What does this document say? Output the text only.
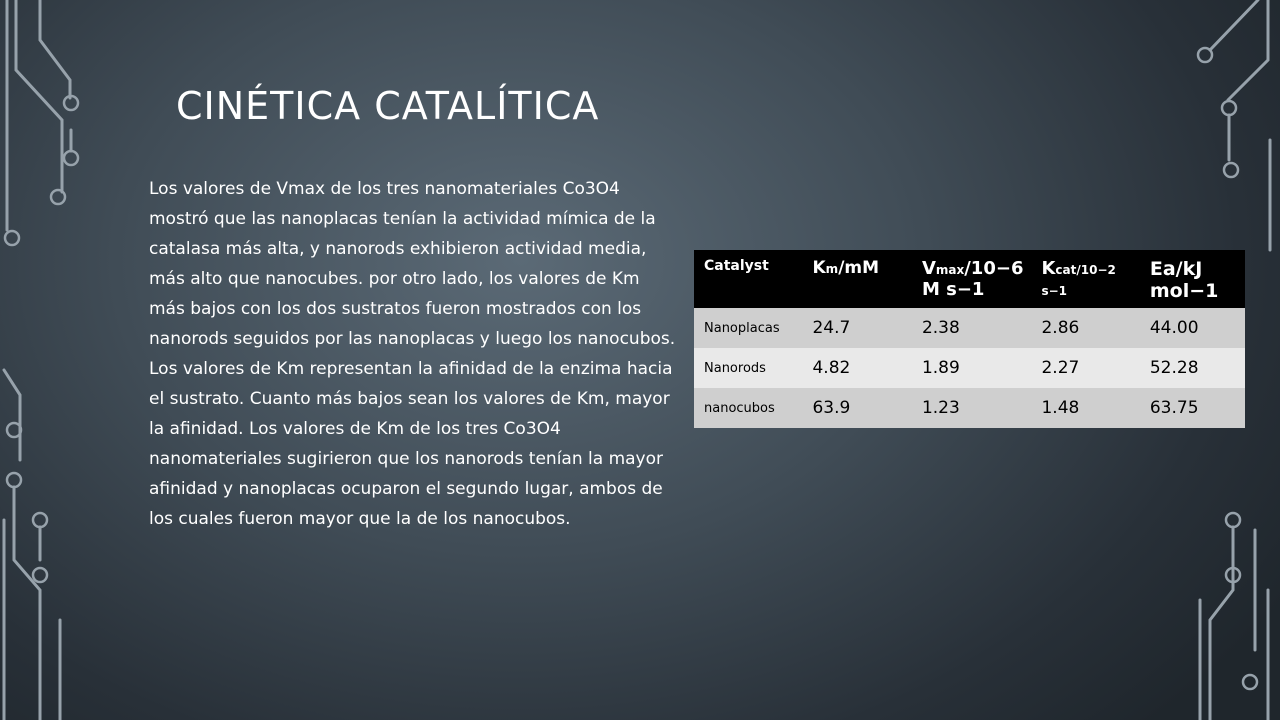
CINÉTICA CATALÍTICA

Los valores de Vmax de los tres nanomateriales Co3O4 mostró que las nanoplacas tenían la actividad mímica de la catalasa más alta, y nanorods exhibieron actividad media, más alto que nanocubes. por otro lado, los valores de Km más bajos con los dos sustratos fueron mostrados con los nanorods seguidos por las nanoplacas y luego los nanocubos. Los valores de Km representan la afinidad de la enzima hacia el sustrato. Cuanto más bajos sean los valores de Km, mayor la afinidad. Los valores de Km de los tres Co3O4 nanomateriales sugirieron que los nanorods tenían la mayor afinidad y nanoplacas ocuparon el segundo lugar, ambos de los cuales fueron mayor que la de los nanocubos.

Catalyst	Km/mM	Vmax/10−6 M s−1	Kcat/10−2 s−1	Ea/kJ mol−1
Nanoplacas	24.7	2.38	2.86	44.00
Nanorods	4.82	1.89	2.27	52.28
nanocubos	63.9	1.23	1.48	63.75
